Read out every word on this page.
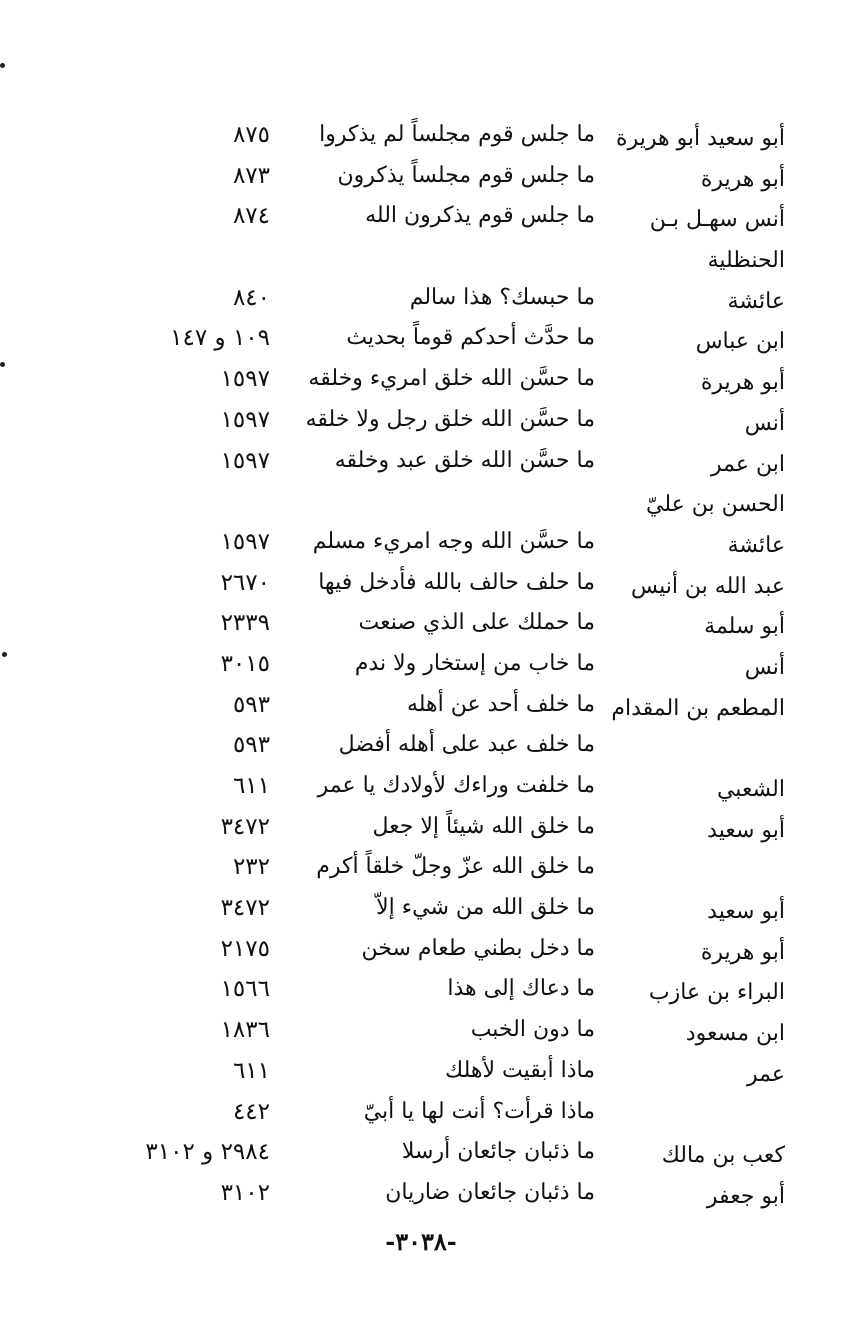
أبو سعيد أبو هريرة
ما جلس قوم مجلساً لم يذكروا
٨٧٥
أبو هريرة
ما جلس قوم مجلساً يذكرون
٨٧٣
أنس سهـل بـن
ما جلس قوم يذكرون الله
٨٧٤
الحنظلية
عائشة
ما حبسك؟ هذا سالم
٨٤٠
ابن عباس
ما حدَّث أحدكم قوماً بحديث
١٠٩ و ١٤٧
أبو هريرة
ما حسَّن الله خلق امريء وخلقه
١٥٩٧
أنس
ما حسَّن الله خلق رجل ولا خلقه
١٥٩٧
ابن عمر
ما حسَّن الله خلق عبد وخلقه
١٥٩٧
الحسن بن عليّ
عائشة
ما حسَّن الله وجه امريء مسلم
١٥٩٧
عبد الله بن أنيس
ما حلف حالف بالله فأدخل فيها
٢٦٧٠
أبو سلمة
ما حملك على الذي صنعت
٢٣٣٩
أنس
ما خاب من إستخار ولا ندم
٣٠١٥
المطعم بن المقدام
ما خلف أحد عن أهله
٥٩٣
ما خلف عبد على أهله أفضل
٥٩٣
الشعبي
ما خلفت وراءك لأولادك يا عمر
٦١١
أبو سعيد
ما خلق الله شيئاً إلا جعل
٣٤٧٢
ما خلق الله عزّ وجلّ خلقاً أكرم
٢٣٢
أبو سعيد
ما خلق الله من شيء إلاّ
٣٤٧٢
أبو هريرة
ما دخل بطني طعام سخن
٢١٧٥
البراء بن عازب
ما دعاك إلى هذا
١٥٦٦
ابن مسعود
ما دون الخبب
١٨٣٦
عمر
ماذا أبقيت لأهلك
٦١١
ماذا قرأت؟ أنت لها يا أبيّ
٤٤٢
كعب بن مالك
ما ذئبان جائعان أرسلا
٢٩٨٤ و ٣١٠٢
أبو جعفر
ما ذئبان جائعان ضاريان
٣١٠٢
-٣٠٣٨-
